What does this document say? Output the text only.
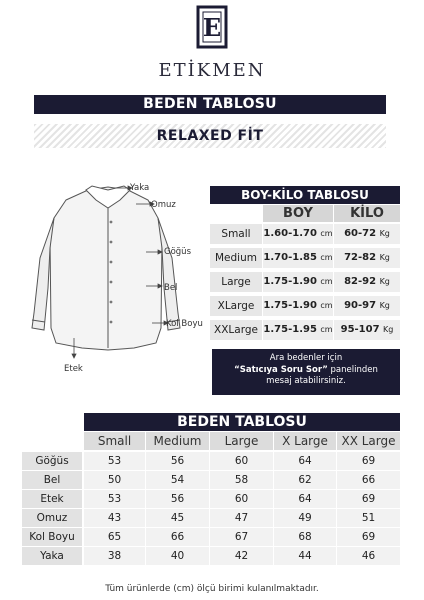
E
ETİKMEN
BEDEN TABLOSU
RELAXED FİT
Yaka
Omuz
Göğüs
Bel
Kol Boyu
Etek
BOY-KİLO TABLOSU
BOY	KİLO
Small	1.60-1.70 cm	60-72 Kg
Medium 1.70-1.85 cm	72-82 Kg
Large	1.75-1.90 cm	82-92 Kg
XLarge 1.75-1.90 cm	90-97 Kg
XXLarge 1.75-1.95 cm 95-107 Kg
Ara bedenler için
“Satıcıya Soru Sor” panelinden
mesaj atabilirsiniz.
BEDEN TABLOSU
Small	Medium	Large	X Large	XX Large
Göğüs	53	56	60	64	69
Bel	50	54	58	62	66
Etek	53	56	60	64	69
Omuz	43	45	47	49	51
Kol Boyu	65	66	67	68	69
Yaka	38	40	42	44	46
Tüm ürünlerde (cm) ölçü birimi kulanılmaktadır.
